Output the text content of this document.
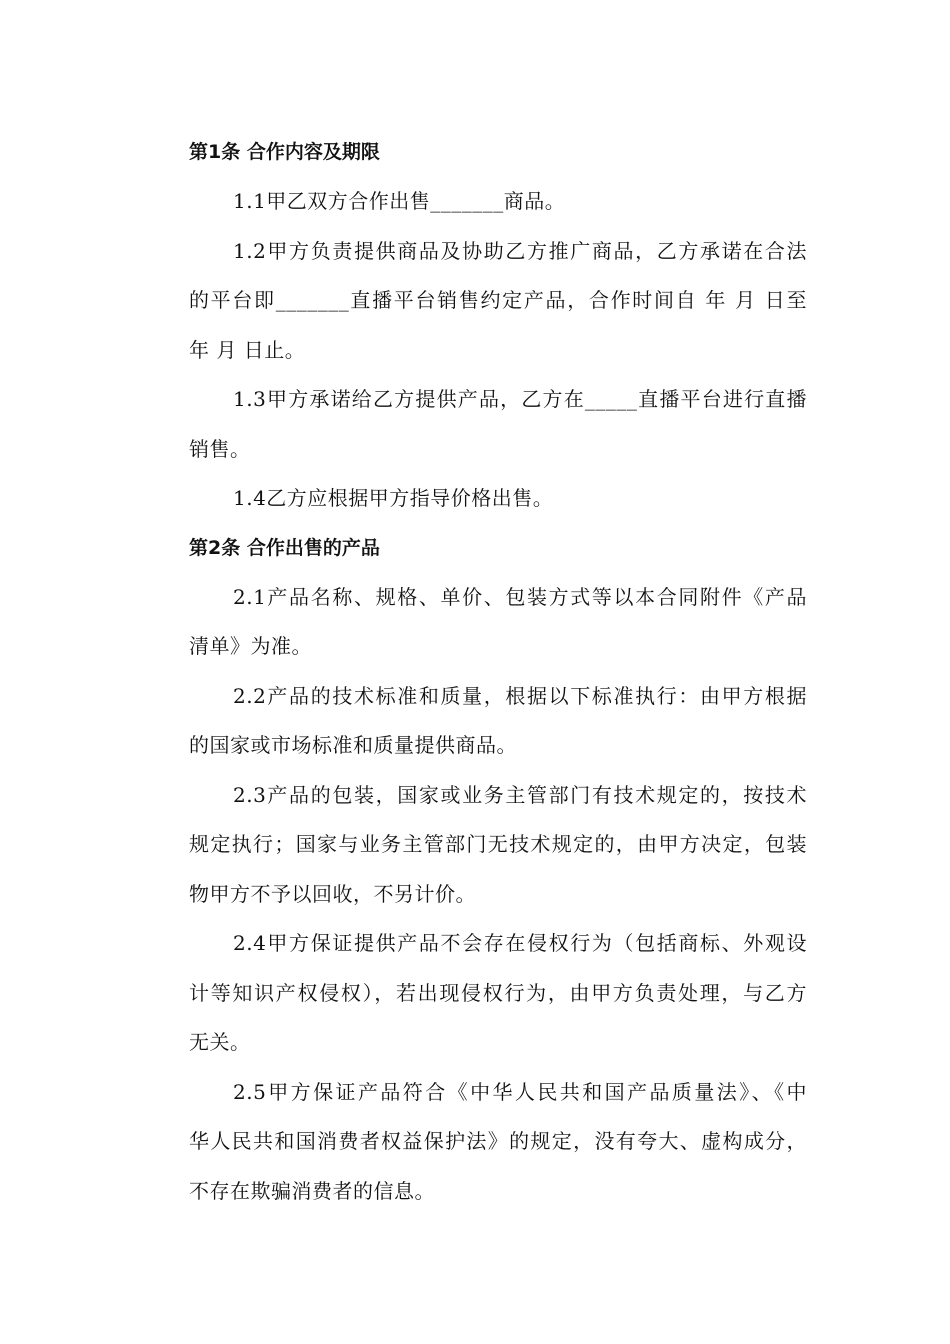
第1条 合作内容及期限
1.1甲乙双方合作出售_______商品。
1.2甲方负责提供商品及协助乙方推广商品，乙方承诺在合法
的平台即_______直播平台销售约定产品，合作时间自 年 月 日至
年 月 日止。
1.3甲方承诺给乙方提供产品，乙方在_____直播平台进行直播
销售。
1.4乙方应根据甲方指导价格出售。
第2条 合作出售的产品
2.1产品名称、规格、单价、包装方式等以本合同附件《产品
清单》为准。
2.2产品的技术标准和质量，根据以下标准执行：由甲方根据
的国家或市场标准和质量提供商品。
2.3产品的包装，国家或业务主管部门有技术规定的，按技术
规定执行；国家与业务主管部门无技术规定的，由甲方决定，包装
物甲方不予以回收，不另计价。
2.4甲方保证提供产品不会存在侵权行为（包括商标、外观设
计等知识产权侵权），若出现侵权行为，由甲方负责处理，与乙方
无关。
2.5甲方保证产品符合《中华人民共和国产品质量法》、《中
华人民共和国消费者权益保护法》的规定，没有夸大、虚构成分，
不存在欺骗消费者的信息。
